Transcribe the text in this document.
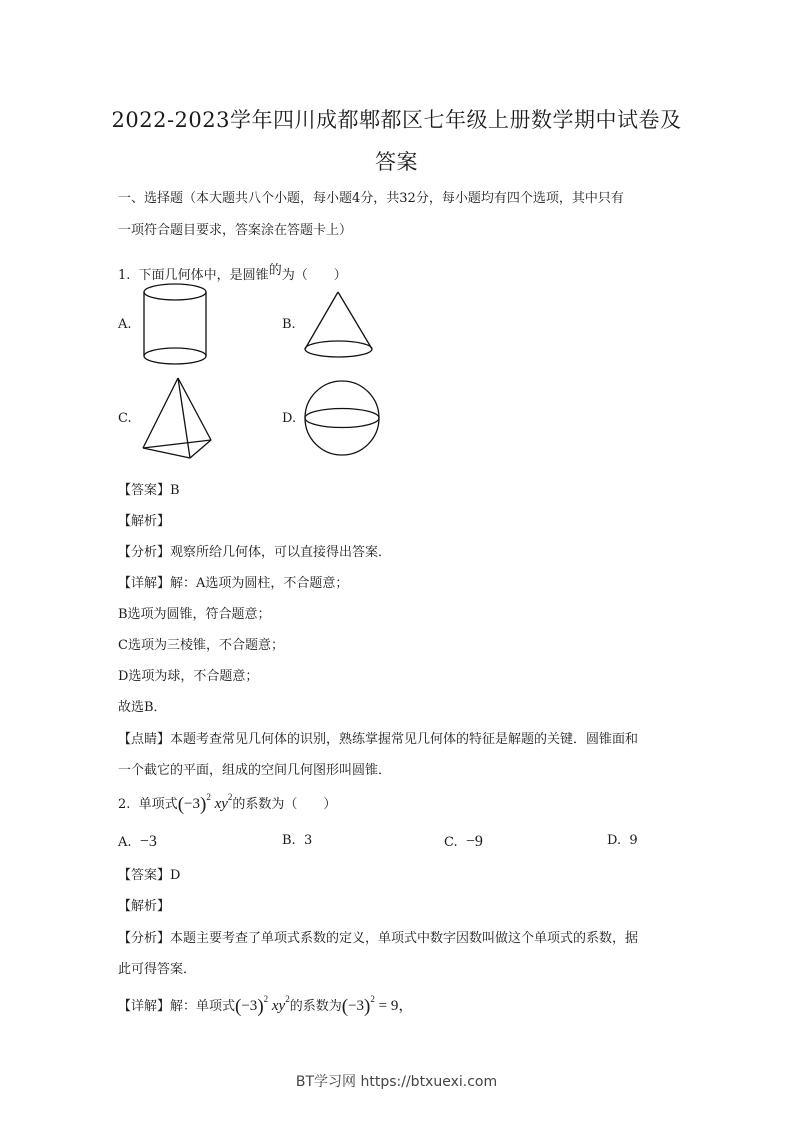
2022-2023学年四川成都郫都区七年级上册数学期中试卷及
答案
一、选择题（本大题共八个小题，每小题4分，共32分，每小题均有四个选项，其中只有
一项符合题目要求，答案涂在答题卡上）
1. 下面几何体中，是圆锥的为（　　）
A.	B.
C.	D.
【答案】B
【解析】
【分析】观察所给几何体，可以直接得出答案．
【详解】解：A选项为圆柱，不合题意；
B选项为圆锥，符合题意；
C选项为三棱锥，不合题意；
D选项为球，不合题意；
故选B．
【点睛】本题考查常见几何体的识别，熟练掌握常见几何体的特征是解题的关键．圆锥面和
一个截它的平面，组成的空间几何图形叫圆锥．
2. 单项式$(-3)^2$ $xy^2$的系数为（　　）
A. −3	B. 3	C. −9	D. 9
【答案】D
【解析】
【分析】本题主要考查了单项式系数的定义，单项式中数字因数叫做这个单项式的系数，据
此可得答案．
【详解】解：单项式$(-3)^2$ $xy^2$的系数为$(-3)^2 = 9$，
BT学习网 https://btxuexi.com
